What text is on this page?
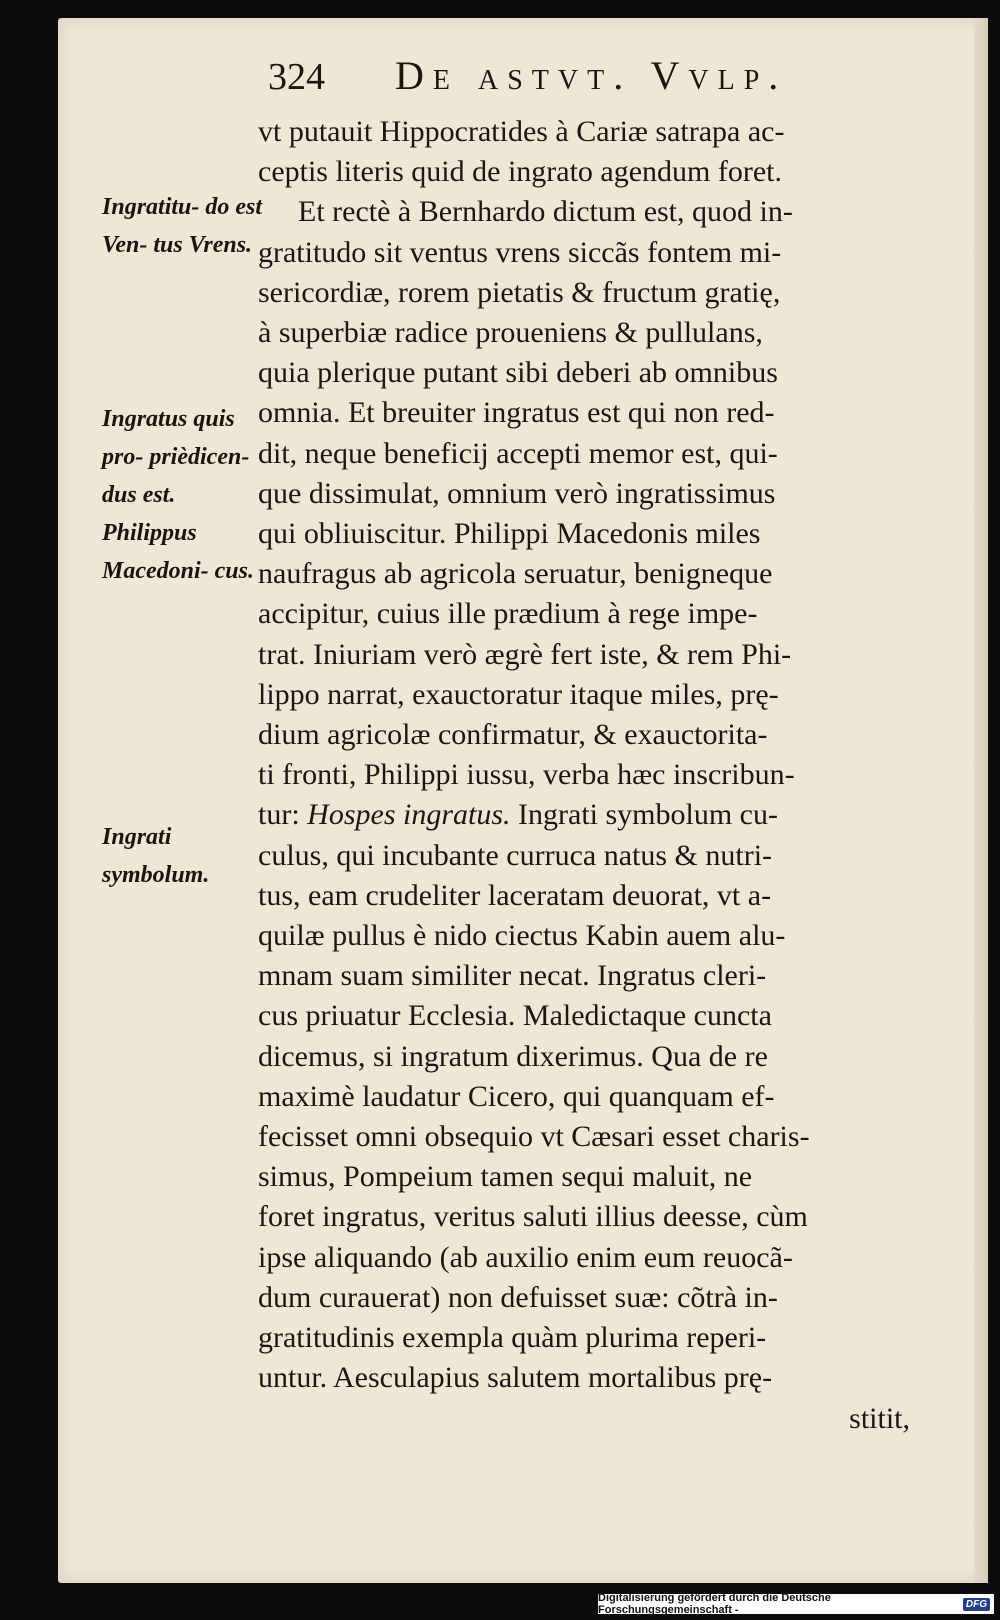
324 De astvt. Vvlp.
Ingratitu- do est Ven- tus Vrens.
Ingratus quis pro- prièdicen- dus est. Philippus Macedoni- cus.
Ingrati symbolum.
vt putauit Hippocratides à Cariæ satrapa ac-
ceptis literis quid de ingrato agendum foret.
Et rectè à Bernhardo dictum est, quod in-
gratitudo sit ventus vrens siccãs fontem mi-
sericordiæ, rorem pietatis & fructum gratię,
à superbiæ radice proueniens & pullulans,
quia plerique putant sibi deberi ab omnibus
omnia. Et breuiter ingratus est qui non red-
dit, neque beneficij accepti memor est, qui-
que dissimulat, omnium verò ingratissimus
qui obliuiscitur. Philippi Macedonis miles
naufragus ab agricola seruatur, benigneque
accipitur, cuius ille prædium à rege impe-
trat. Iniuriam verò ægrè fert iste, & rem Phi-
lippo narrat, exauctoratur itaque miles, prę-
dium agricolæ confirmatur, & exauctorita-
ti fronti, Philippi iussu, verba hæc inscribun-
tur: Hospes ingratus. Ingrati symbolum cu-
culus, qui incubante curruca natus & nutri-
tus, eam crudeliter laceratam deuorat, vt a-
quilæ pullus è nido ciectus Kabin auem alu-
mnam suam similiter necat. Ingratus cleri-
cus priuatur Ecclesia. Maledictaque cuncta
dicemus, si ingratum dixerimus. Qua de re
maximè laudatur Cicero, qui quanquam ef-
fecisset omni obsequio vt Cæsari esset charis-
simus, Pompeium tamen sequi maluit, ne
foret ingratus, veritus saluti illius deesse, cùm
ipse aliquando (ab auxilio enim eum reuocã-
dum curauerat) non defuisset suæ: cõtrà in-
gratitudinis exempla quàm plurima reperi-
untur. Aesculapius salutem mortalibus prę-
stitit,
Digitalisierung gefördert durch die Deutsche Forschungsgemeinschaft -	DFG
